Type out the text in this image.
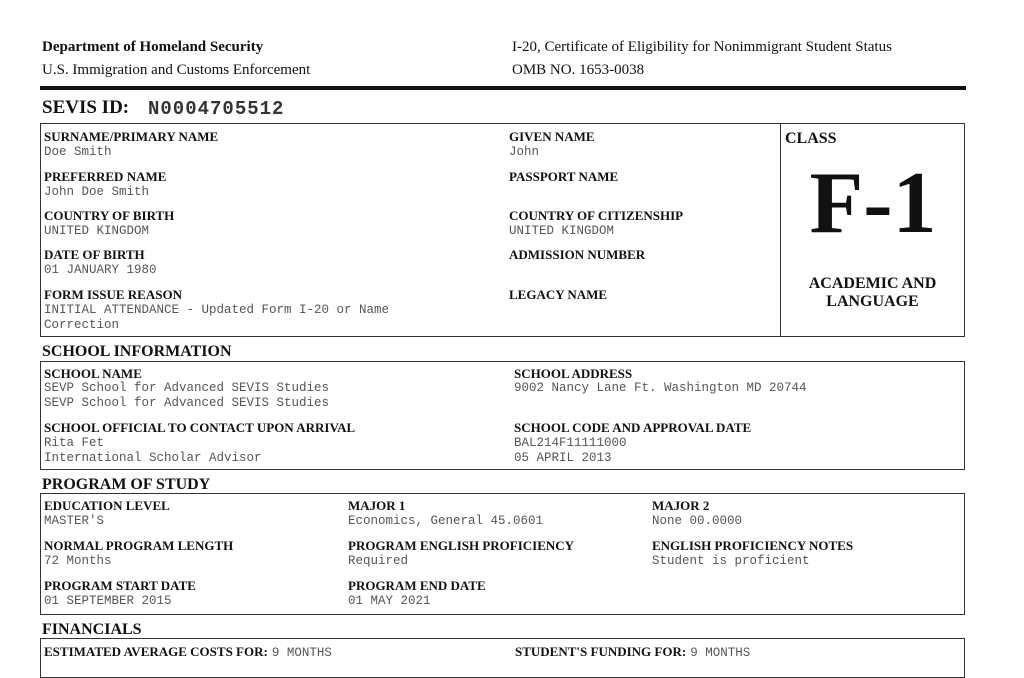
Department of Homeland Security
U.S. Immigration and Customs Enforcement
I-20, Certificate of Eligibility for Nonimmigrant Student Status
OMB NO. 1653-0038
SEVIS ID: N0004705512
SURNAME/PRIMARY NAME
Doe Smith
GIVEN NAME
John
PREFERRED NAME
John Doe Smith
PASSPORT NAME
COUNTRY OF BIRTH
UNITED KINGDOM
COUNTRY OF CITIZENSHIP
UNITED KINGDOM
DATE OF BIRTH
01 JANUARY 1980
ADMISSION NUMBER
FORM ISSUE REASON
INITIAL ATTENDANCE - Updated Form I-20 or Name
Correction
LEGACY NAME
CLASS
F-1
ACADEMIC AND LANGUAGE
SCHOOL INFORMATION
SCHOOL NAME
SEVP School for Advanced SEVIS Studies
SEVP School for Advanced SEVIS Studies
SCHOOL ADDRESS
9002 Nancy Lane Ft. Washington MD 20744
SCHOOL OFFICIAL TO CONTACT UPON ARRIVAL
Rita Fet
International Scholar Advisor
SCHOOL CODE AND APPROVAL DATE
BAL214F11111000
05 APRIL 2013
PROGRAM OF STUDY
EDUCATION LEVEL
MASTER'S
MAJOR 1
Economics, General 45.0601
MAJOR 2
None 00.0000
NORMAL PROGRAM LENGTH
72 Months
PROGRAM ENGLISH PROFICIENCY
Required
ENGLISH PROFICIENCY NOTES
Student is proficient
PROGRAM START DATE
01 SEPTEMBER 2015
PROGRAM END DATE
01 MAY 2021
FINANCIALS
ESTIMATED AVERAGE COSTS FOR: 9 MONTHS	STUDENT'S FUNDING FOR: 9 MONTHS
